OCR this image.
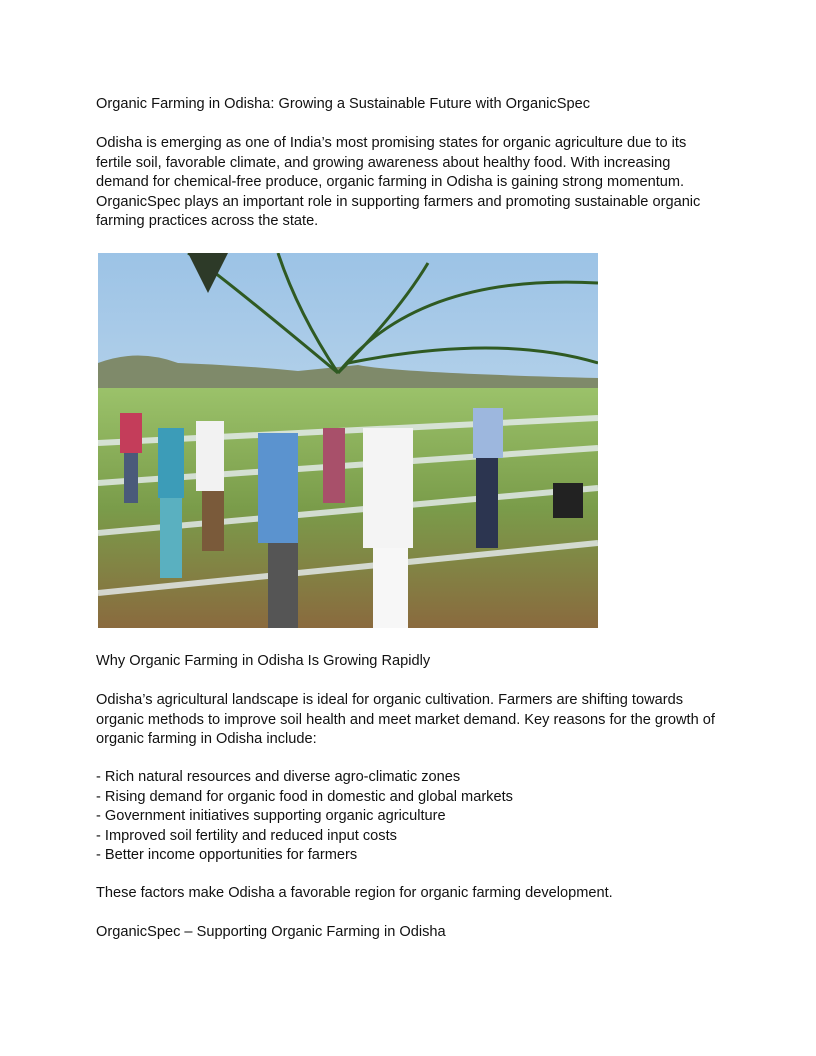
Organic Farming in Odisha: Growing a Sustainable Future with OrganicSpec

Odisha is emerging as one of India’s most promising states for organic agriculture due to its fertile soil, favorable climate, and growing awareness about healthy food. With increasing demand for chemical-free produce, organic farming in Odisha is gaining strong momentum. OrganicSpec plays an important role in supporting farmers and promoting sustainable organic farming practices across the state.

Why Organic Farming in Odisha Is Growing Rapidly

Odisha’s agricultural landscape is ideal for organic cultivation. Farmers are shifting towards organic methods to improve soil health and meet market demand. Key reasons for the growth of organic farming in Odisha include:

- Rich natural resources and diverse agro-climatic zones
- Rising demand for organic food in domestic and global markets
- Government initiatives supporting organic agriculture
- Improved soil fertility and reduced input costs
- Better income opportunities for farmers

These factors make Odisha a favorable region for organic farming development.

OrganicSpec – Supporting Organic Farming in Odisha
